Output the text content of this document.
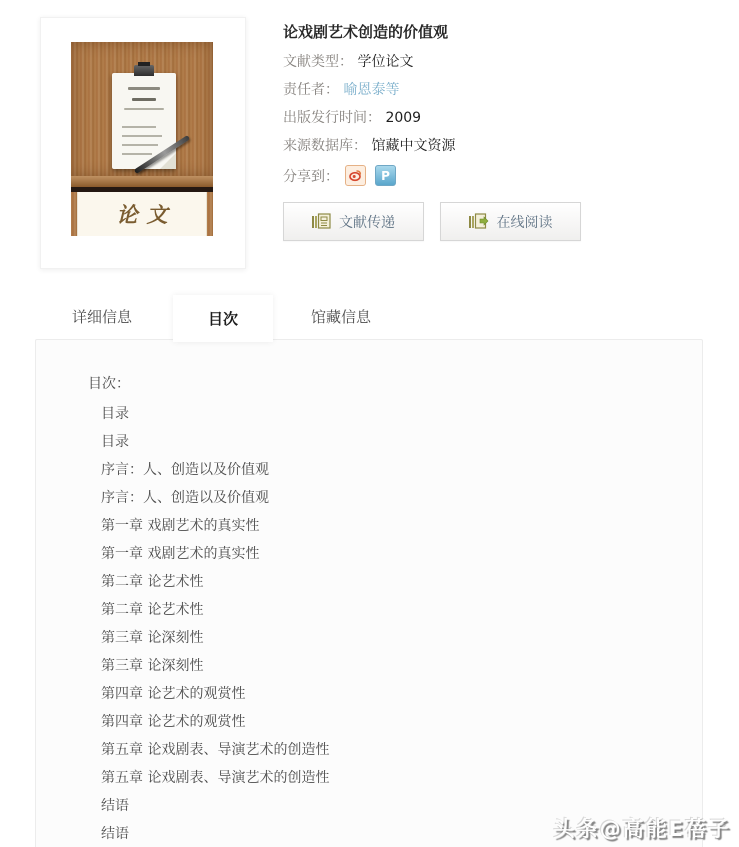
论文
论戏剧艺术创造的价值观
文献类型： 学位论文
责任者： 喻恩泰等
出版发行时间： 2009
来源数据库： 馆藏中文资源
分享到：	P
文献传递	在线阅读
详细信息	目次	馆藏信息
目次：
目录
目录
序言：人、创造以及价值观
序言：人、创造以及价值观
第一章 戏剧艺术的真实性
第一章 戏剧艺术的真实性
第二章 论艺术性
第二章 论艺术性
第三章 论深刻性
第三章 论深刻性
第四章 论艺术的观赏性
第四章 论艺术的观赏性
第五章 论戏剧表、导演艺术的创造性
第五章 论戏剧表、导演艺术的创造性
结语
结语	头条@高能E蓓子
